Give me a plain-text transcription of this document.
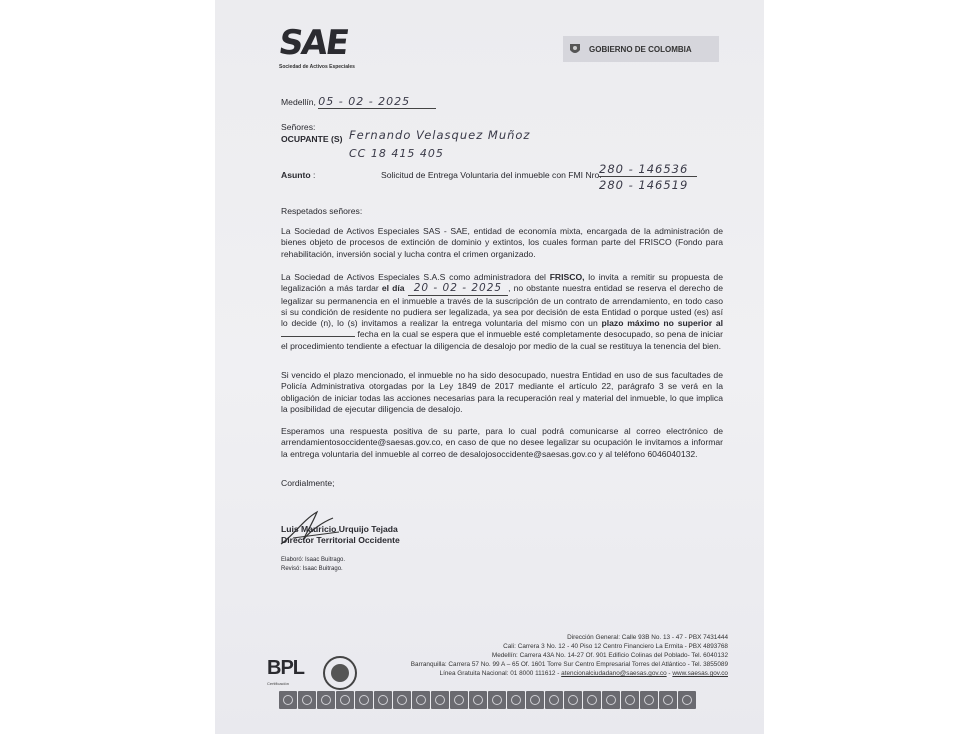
SAE
Sociedad de Activos Especiales
GOBIERNO DE COLOMBIA
Medellín, 05 - 02 - 2025
Señores:
OCUPANTE (S) Fernando Velasquez Muñoz
CC 18 415 405
Asunto :	Solicitud de Entrega Voluntaria del inmueble con FMI Nro.
280 - 146536
280 - 146519
Respetados señores:

La Sociedad de Activos Especiales SAS - SAE, entidad de economía mixta, encargada de la administración de bienes objeto de procesos de extinción de dominio y extintos, los cuales forman parte del FRISCO (Fondo para rehabilitación, inversión social y lucha contra el crimen organizado.

La Sociedad de Activos Especiales S.A.S como administradora del FRISCO, lo invita a remitir su propuesta de legalización a más tardar el día 20 - 02 - 2025 , no obstante nuestra entidad se reserva el derecho de legalizar su permanencia en el inmueble a través de la suscripción de un contrato de arrendamiento, en todo caso si su condición de residente no pudiera ser legalizada, ya sea por decisión de esta Entidad o porque usted (es) así lo decide (n), lo (s) invitamos a realizar la entrega voluntaria del mismo con un plazo máximo no superior al  fecha en la cual se espera que el inmueble esté completamente desocupado, so pena de iniciar el procedimiento tendiente a efectuar la diligencia de desalojo por medio de la cual se restituya la tenencia del bien.

Si vencido el plazo mencionado, el inmueble no ha sido desocupado, nuestra Entidad en uso de sus facultades de Policía Administrativa otorgadas por la Ley 1849 de 2017 mediante el artículo 22, parágrafo 3 se verá en la obligación de iniciar todas las acciones necesarias para la recuperación real y material del inmueble, lo que implica la posibilidad de ejecutar diligencia de desalojo.

Esperamos una respuesta positiva de su parte, para lo cual podrá comunicarse al correo electrónico de arrendamientosoccidente@saesas.gov.co, en caso de que no desee legalizar su ocupación le invitamos a informar la entrega voluntaria del inmueble al correo de desalojosoccidente@saesas.gov.co y al teléfono 6046040132.

Cordialmente;
Luis Mauricio Urquijo Tejada
Director Territorial Occidente
Elaboró: Isaac Buitrago.
Revisó: Isaac Buitrago.
Dirección General: Calle 93B No. 13 - 47 - PBX 7431444
Cali: Carrera 3 No. 12 - 40 Piso 12 Centro Financiero La Ermita - PBX 4893768
Medellín: Carrera 43A No. 14-27 Of. 901 Edificio Colinas del Poblado- Tel. 6040132
Barranquilla: Carrera 57 No. 99 A – 65 Of. 1601 Torre Sur Centro Empresarial Torres del Atlántico - Tel. 3855089
Línea Gratuita Nacional: 01 8000 111612 - atencionalciudadano@saesas.gov.co - www.saesas.gov.co
BPL
Certificación
